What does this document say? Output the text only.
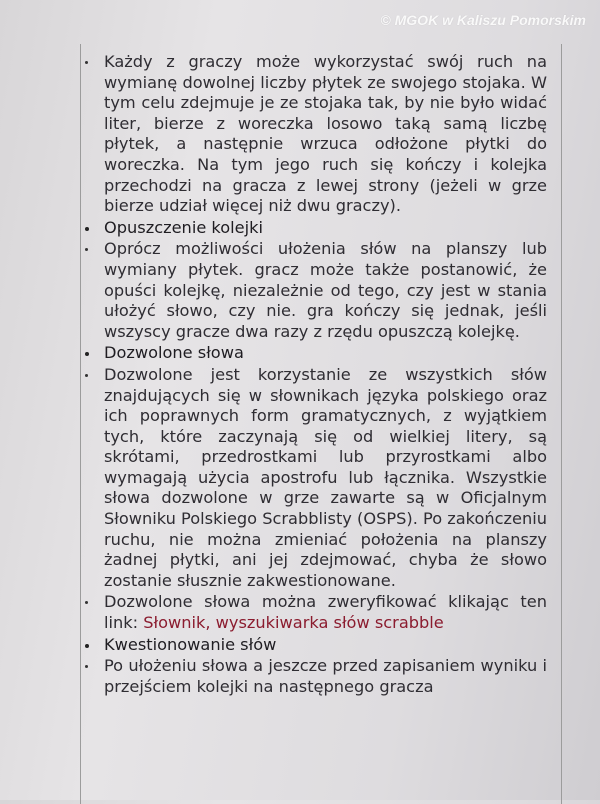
© MGOK w Kaliszu Pomorskim
Każdy z graczy może wykorzystać swój ruch na wymianę dowolnej liczby płytek ze swojego stojaka. W tym celu zdejmuje je ze stojaka tak, by nie było widać liter, bierze z woreczka losowo taką samą liczbę płytek, a następnie wrzuca odłożone płytki do woreczka. Na tym jego ruch się kończy i kolejka przechodzi na gracza z lewej strony (jeżeli w grze bierze udział więcej niż dwu graczy).
Opuszczenie kolejki
Oprócz możliwości ułożenia słów na planszy lub wymiany płytek. gracz może także postanowić, że opuści kolejkę, niezależnie od tego, czy jest w stania ułożyć słowo, czy nie. gra kończy się jednak, jeśli wszyscy gracze dwa razy z rzędu opuszczą kolejkę.
Dozwolone słowa
Dozwolone jest korzystanie ze wszystkich słów znajdujących się w słownikach języka polskiego oraz ich poprawnych form gramatycznych, z wyjątkiem tych, które zaczynają się od wielkiej litery, są skrótami, przedrostkami lub przyrostkami albo wymagają użycia apostrofu lub łącznika. Wszystkie słowa dozwolone w grze zawarte są w Oficjalnym Słowniku Polskiego Scrabblisty (OSPS). Po zakończeniu ruchu, nie można zmieniać położenia na planszy żadnej płytki, ani jej zdejmować, chyba że słowo zostanie słusznie zakwestionowane.
Dozwolone słowa można zweryfikować klikając ten link: Słownik, wyszukiwarka słów scrabble
Kwestionowanie słów
Po ułożeniu słowa a jeszcze przed zapisaniem wyniku i przejściem kolejki na następnego gracza
